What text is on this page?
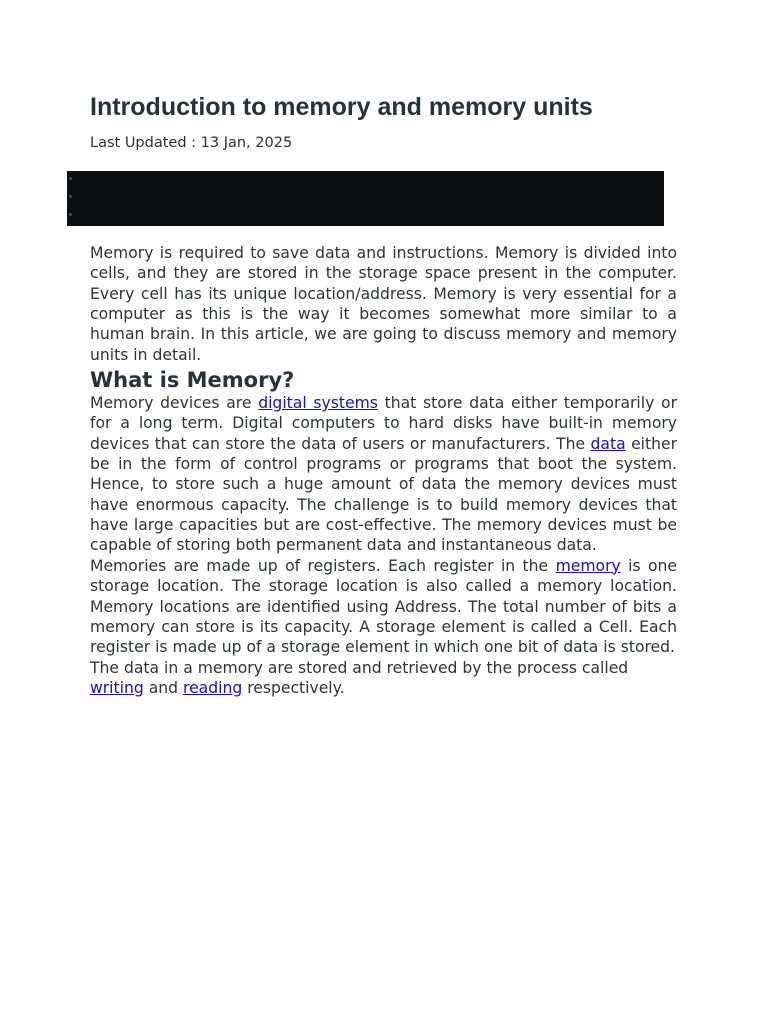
Introduction to memory and memory units
Last Updated : 13 Jan, 2025

Memory is required to save data and instructions. Memory is divided into cells, and they are stored in the storage space present in the computer. Every cell has its unique location/address. Memory is very essential for a computer as this is the way it becomes somewhat more similar to a human brain. In this article, we are going to discuss memory and memory units in detail.

What is Memory?

Memory devices are digital systems that store data either temporarily or for a long term. Digital computers to hard disks have built-in memory devices that can store the data of users or manufacturers. The data either be in the form of control programs or programs that boot the system. Hence, to store such a huge amount of data the memory devices must have enormous capacity. The challenge is to build memory devices that have large capacities but are cost-effective. The memory devices must be capable of storing both permanent data and instantaneous data.

Memories are made up of registers. Each register in the memory is one storage location. The storage location is also called a memory location. Memory locations are identified using Address. The total number of bits a memory can store is its capacity. A storage element is called a Cell. Each register is made up of a storage element in which one bit of data is stored.

The data in a memory are stored and retrieved by the process called writing and reading respectively.
